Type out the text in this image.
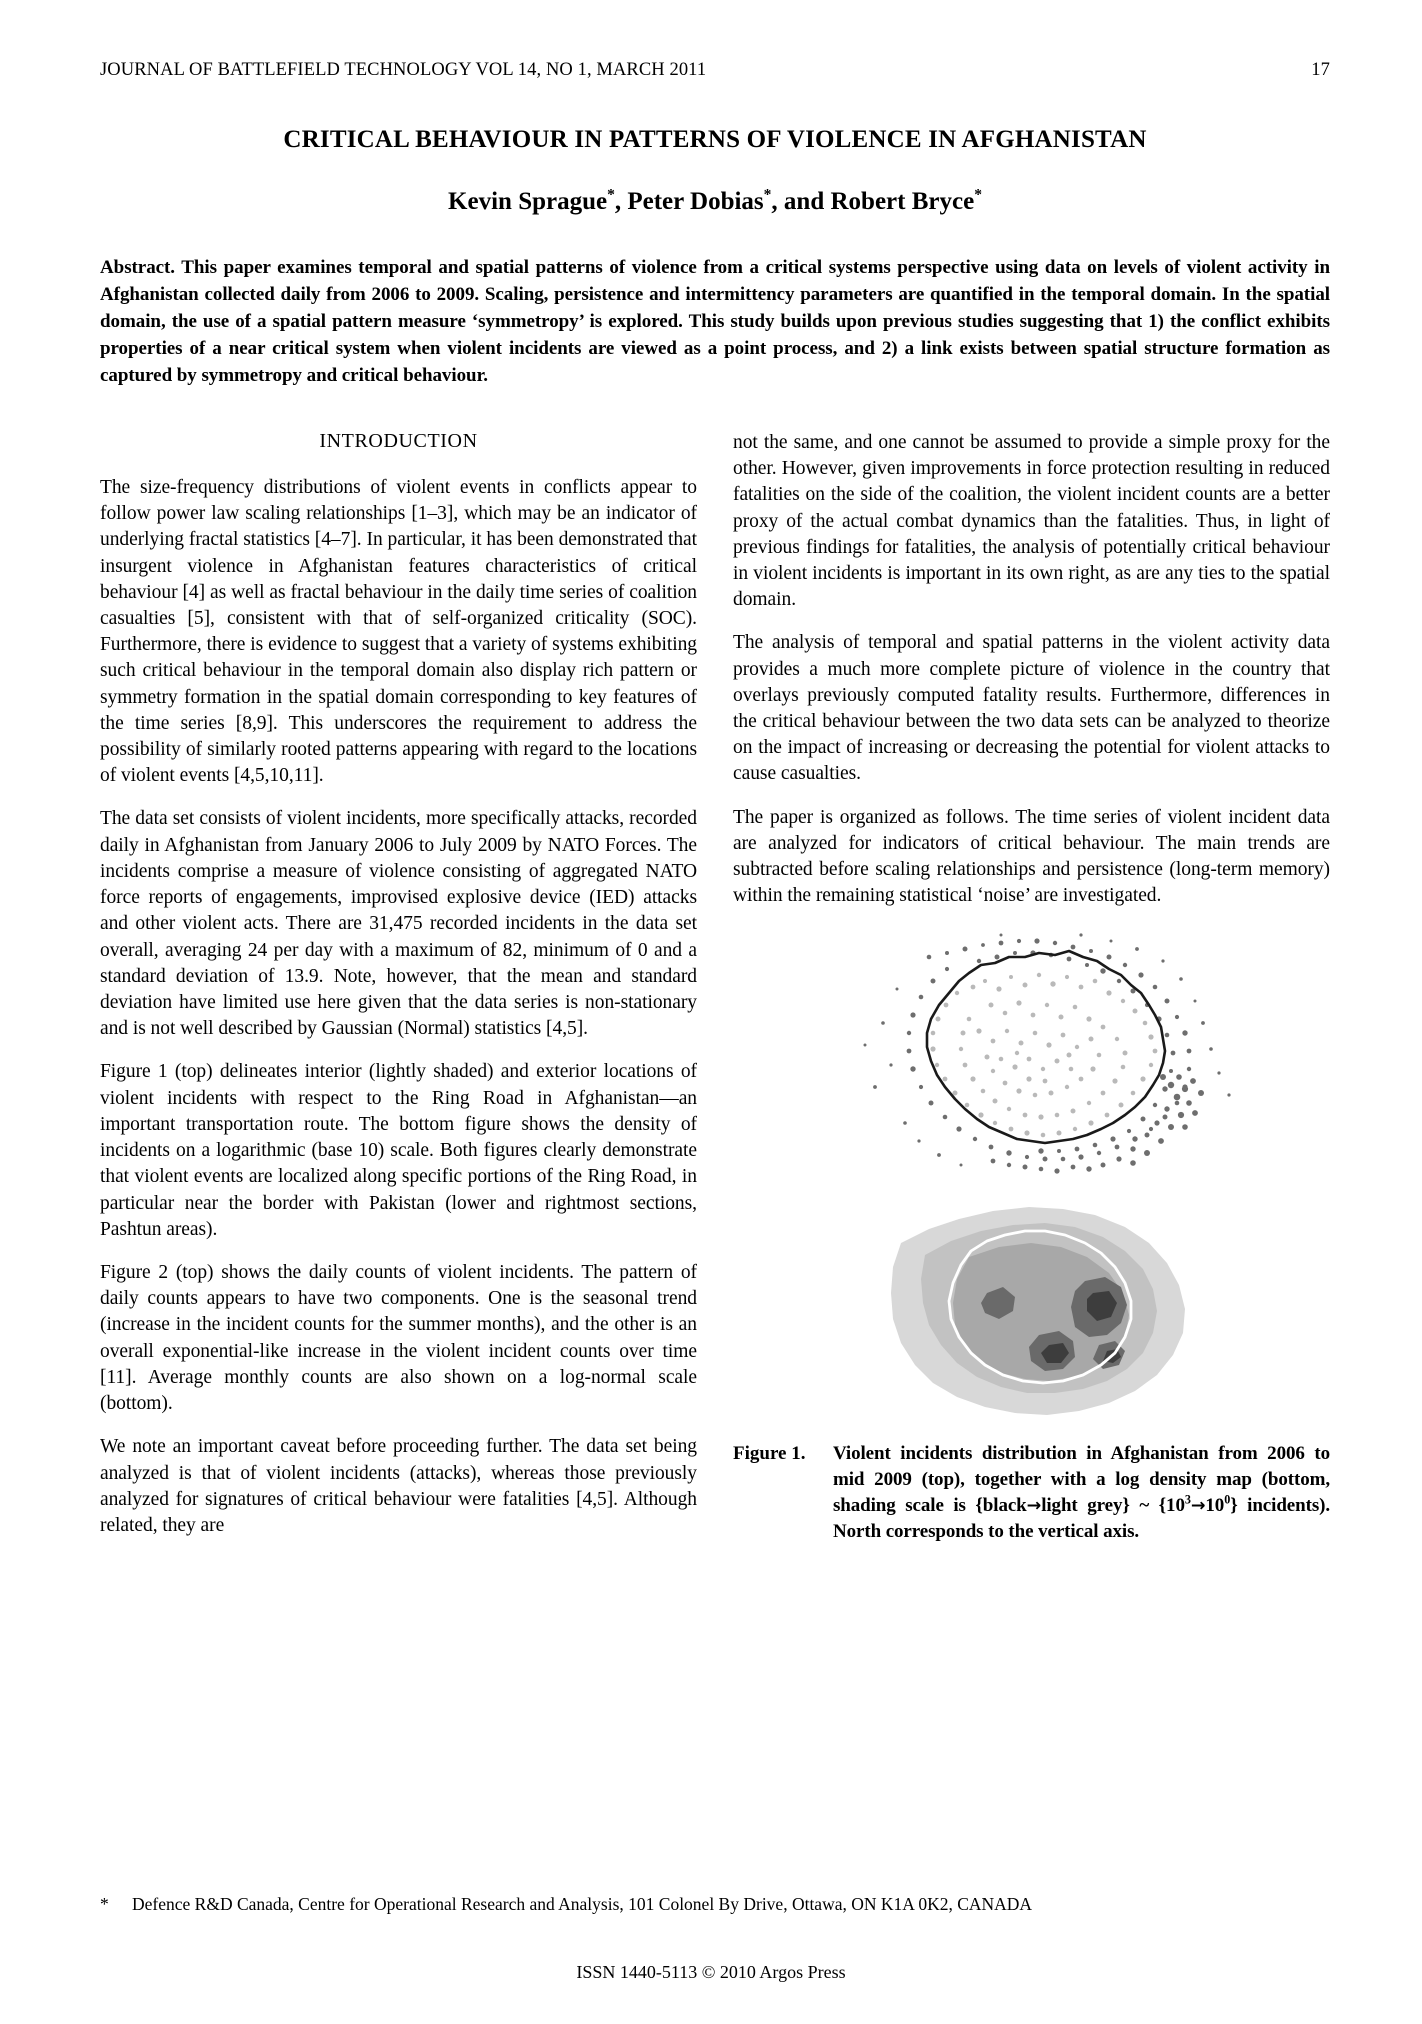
JOURNAL OF BATTLEFIELD TECHNOLOGY VOL 14, NO 1, MARCH 2011	17
CRITICAL BEHAVIOUR IN PATTERNS OF VIOLENCE IN AFGHANISTAN
Kevin Sprague*, Peter Dobias*, and Robert Bryce*
Abstract. This paper examines temporal and spatial patterns of violence from a critical systems perspective using data on levels of violent activity in Afghanistan collected daily from 2006 to 2009. Scaling, persistence and intermittency parameters are quantified in the temporal domain. In the spatial domain, the use of a spatial pattern measure ‘symmetropy’ is explored. This study builds upon previous studies suggesting that 1) the conflict exhibits properties of a near critical system when violent incidents are viewed as a point process, and 2) a link exists between spatial structure formation as captured by symmetropy and critical behaviour.
INTRODUCTION

The size-frequency distributions of violent events in conflicts appear to follow power law scaling relationships [1–3], which may be an indicator of underlying fractal statistics [4–7]. In particular, it has been demonstrated that insurgent violence in Afghanistan features characteristics of critical behaviour [4] as well as fractal behaviour in the daily time series of coalition casualties [5], consistent with that of self-organized criticality (SOC). Furthermore, there is evidence to suggest that a variety of systems exhibiting such critical behaviour in the temporal domain also display rich pattern or symmetry formation in the spatial domain corresponding to key features of the time series [8,9]. This underscores the requirement to address the possibility of similarly rooted patterns appearing with regard to the locations of violent events [4,5,10,11].

The data set consists of violent incidents, more specifically attacks, recorded daily in Afghanistan from January 2006 to July 2009 by NATO Forces. The incidents comprise a measure of violence consisting of aggregated NATO force reports of engagements, improvised explosive device (IED) attacks and other violent acts. There are 31,475 recorded incidents in the data set overall, averaging 24 per day with a maximum of 82, minimum of 0 and a standard deviation of 13.9. Note, however, that the mean and standard deviation have limited use here given that the data series is non-stationary and is not well described by Gaussian (Normal) statistics [4,5].

Figure 1 (top) delineates interior (lightly shaded) and exterior locations of violent incidents with respect to the Ring Road in Afghanistan—an important transportation route. The bottom figure shows the density of incidents on a logarithmic (base 10) scale. Both figures clearly demonstrate that violent events are localized along specific portions of the Ring Road, in particular near the border with Pakistan (lower and rightmost sections, Pashtun areas).

Figure 2 (top) shows the daily counts of violent incidents. The pattern of daily counts appears to have two components. One is the seasonal trend (increase in the incident counts for the summer months), and the other is an overall exponential-like increase in the violent incident counts over time [11]. Average monthly counts are also shown on a log-normal scale (bottom).

We note an important caveat before proceeding further. The data set being analyzed is that of violent incidents (attacks), whereas those previously analyzed for signatures of critical behaviour were fatalities [4,5]. Although related, they are

not the same, and one cannot be assumed to provide a simple proxy for the other. However, given improvements in force protection resulting in reduced fatalities on the side of the coalition, the violent incident counts are a better proxy of the actual combat dynamics than the fatalities. Thus, in light of previous findings for fatalities, the analysis of potentially critical behaviour in violent incidents is important in its own right, as are any ties to the spatial domain.

The analysis of temporal and spatial patterns in the violent activity data provides a much more complete picture of violence in the country that overlays previously computed fatality results. Furthermore, differences in the critical behaviour between the two data sets can be analyzed to theorize on the impact of increasing or decreasing the potential for violent attacks to cause casualties.

The paper is organized as follows. The time series of violent incident data are analyzed for indicators of critical behaviour. The main trends are subtracted before scaling relationships and persistence (long-term memory) within the remaining statistical ‘noise’ are investigated.

Figure 1.	Violent incidents distribution in Afghanistan from 2006 to mid 2009 (top), together with a log density map (bottom, shading scale is {black→light grey} ~ $\{10^3\to 10^0\}$ incidents). North corresponds to the vertical axis.
*	Defence R&D Canada, Centre for Operational Research and Analysis, 101 Colonel By Drive, Ottawa, ON K1A 0K2, CANADA
ISSN 1440-5113 © 2010 Argos Press
